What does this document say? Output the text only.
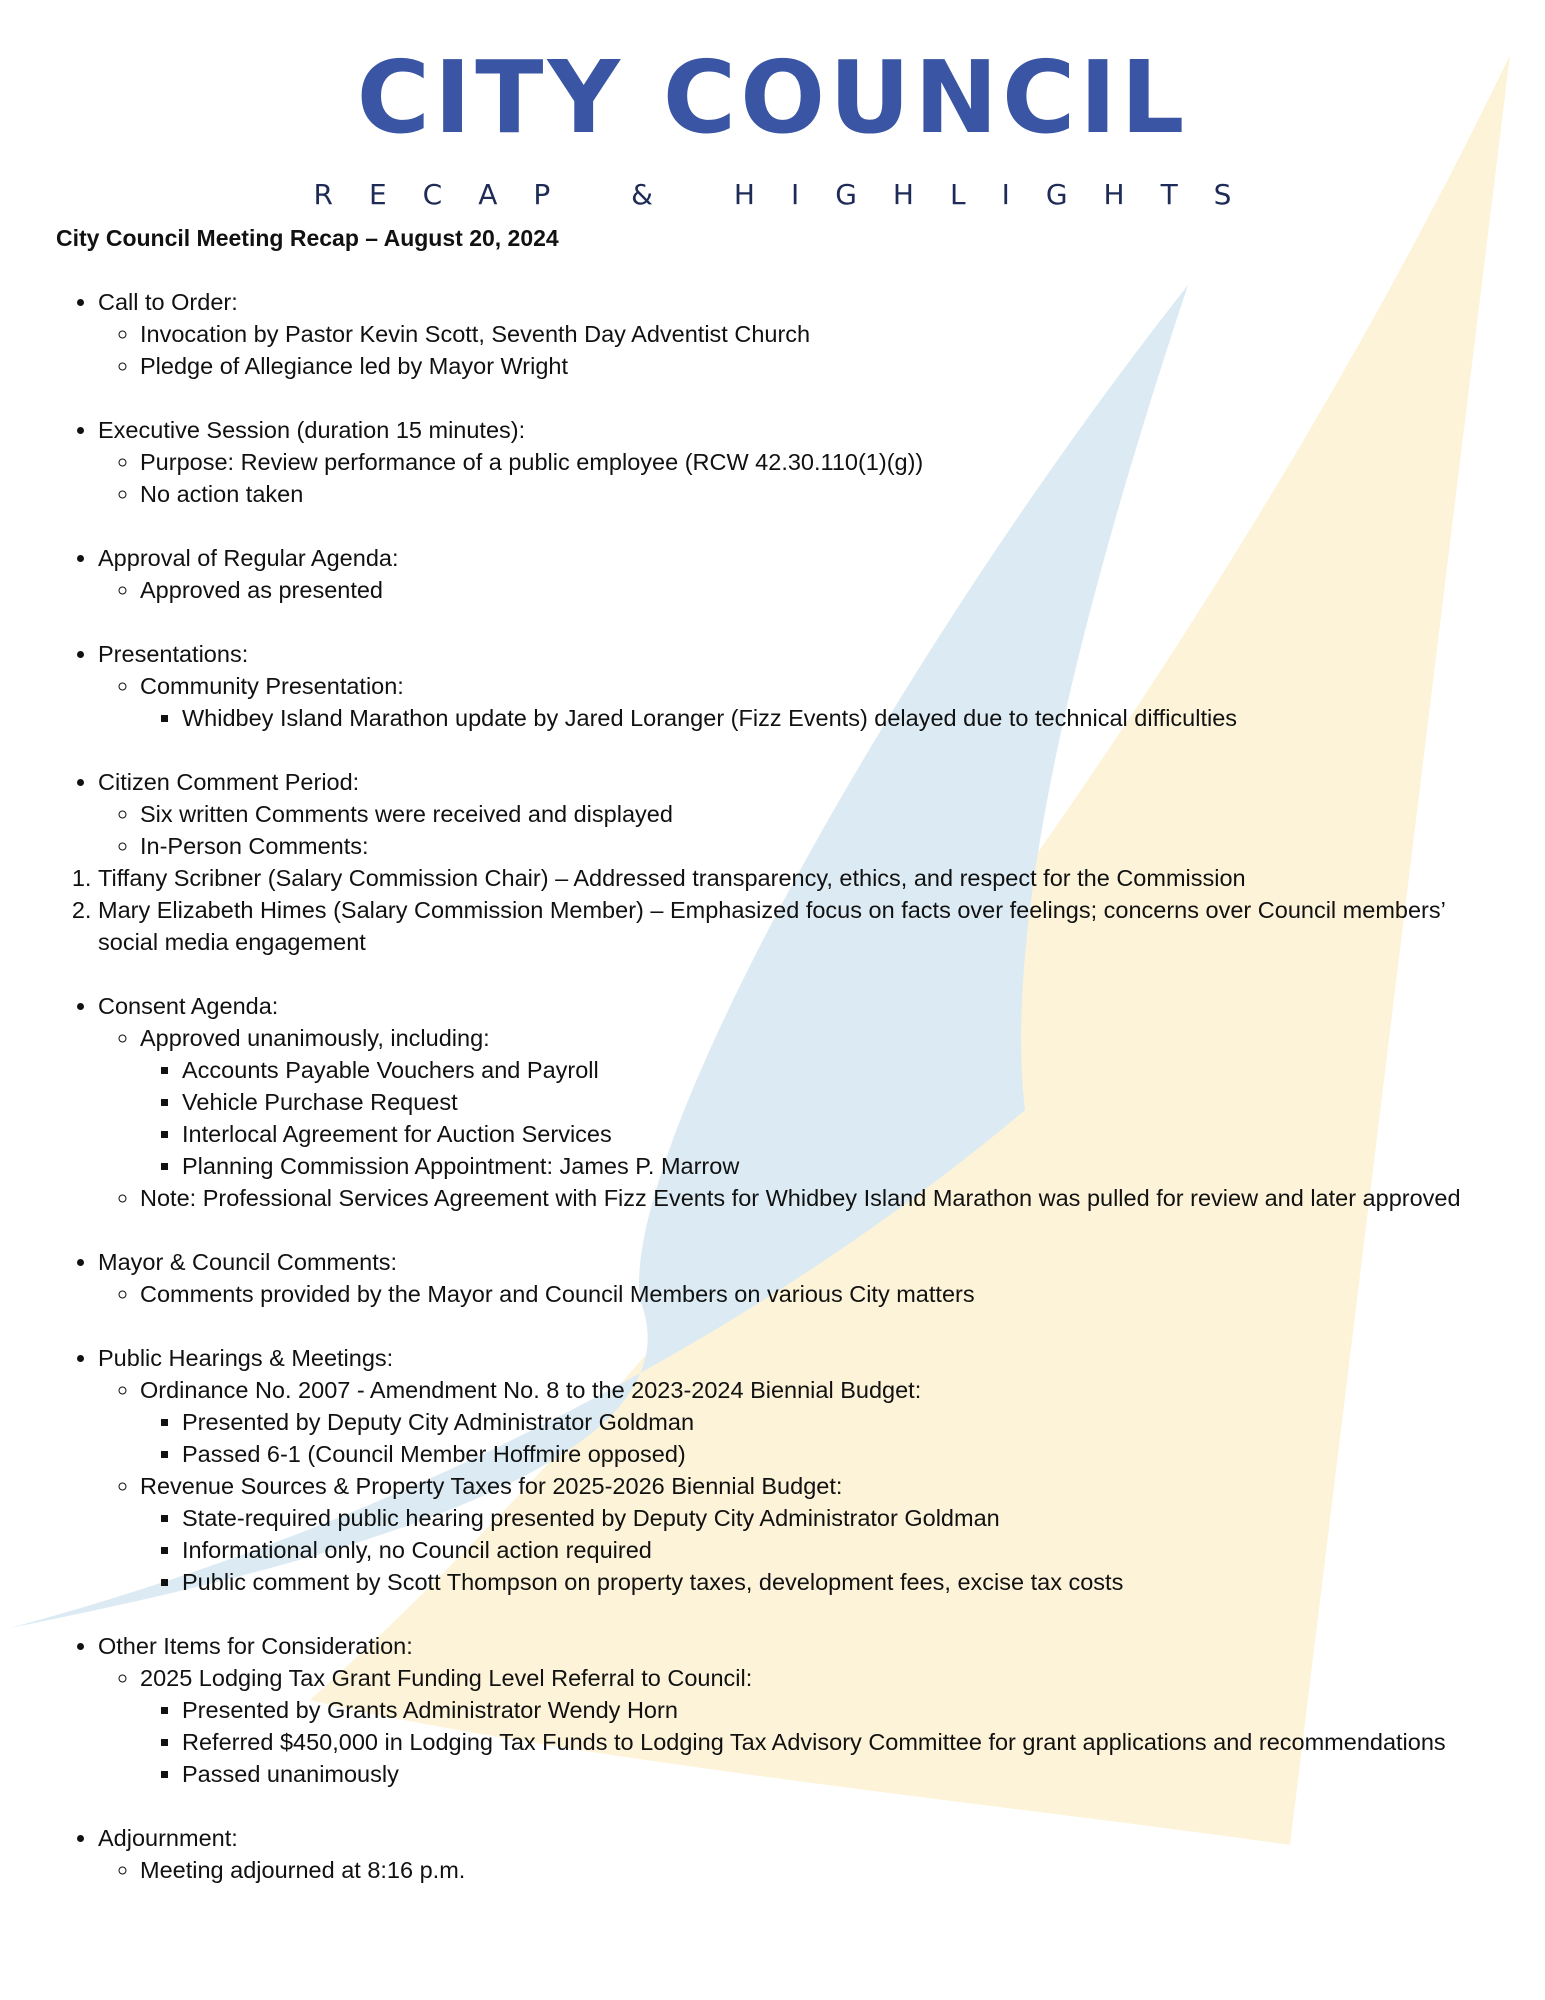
CITY COUNCIL
RECAP & HIGHLIGHTS

City Council Meeting Recap – August 20, 2024

• Call to Order:
◦ Invocation by Pastor Kevin Scott, Seventh Day Adventist Church
◦ Pledge of Allegiance led by Mayor Wright
• Executive Session (duration 15 minutes):
◦ Purpose: Review performance of a public employee (RCW 42.30.110(1)(g))
◦ No action taken
• Approval of Regular Agenda:
◦ Approved as presented
• Presentations:
◦ Community Presentation:
▪ Whidbey Island Marathon update by Jared Loranger (Fizz Events) delayed due to technical difficulties
• Citizen Comment Period:
◦ Six written Comments were received and displayed
◦ In-Person Comments:
1. Tiffany Scribner (Salary Commission Chair) – Addressed transparency, ethics, and respect for the Commission
2. Mary Elizabeth Himes (Salary Commission Member) – Emphasized focus on facts over feelings; concerns over Council members’ social media engagement
• Consent Agenda:
◦ Approved unanimously, including:
▪ Accounts Payable Vouchers and Payroll
▪ Vehicle Purchase Request
▪ Interlocal Agreement for Auction Services
▪ Planning Commission Appointment: James P. Marrow
◦ Note: Professional Services Agreement with Fizz Events for Whidbey Island Marathon was pulled for review and later approved
• Mayor & Council Comments:
◦ Comments provided by the Mayor and Council Members on various City matters
• Public Hearings & Meetings:
◦ Ordinance No. 2007 - Amendment No. 8 to the 2023-2024 Biennial Budget:
▪ Presented by Deputy City Administrator Goldman
▪ Passed 6-1 (Council Member Hoffmire opposed)
◦ Revenue Sources & Property Taxes for 2025-2026 Biennial Budget:
▪ State-required public hearing presented by Deputy City Administrator Goldman
▪ Informational only, no Council action required
▪ Public comment by Scott Thompson on property taxes, development fees, excise tax costs
• Other Items for Consideration:
◦ 2025 Lodging Tax Grant Funding Level Referral to Council:
▪ Presented by Grants Administrator Wendy Horn
▪ Referred $450,000 in Lodging Tax Funds to Lodging Tax Advisory Committee for grant applications and recommendations
▪ Passed unanimously
• Adjournment:
◦ Meeting adjourned at 8:16 p.m.
